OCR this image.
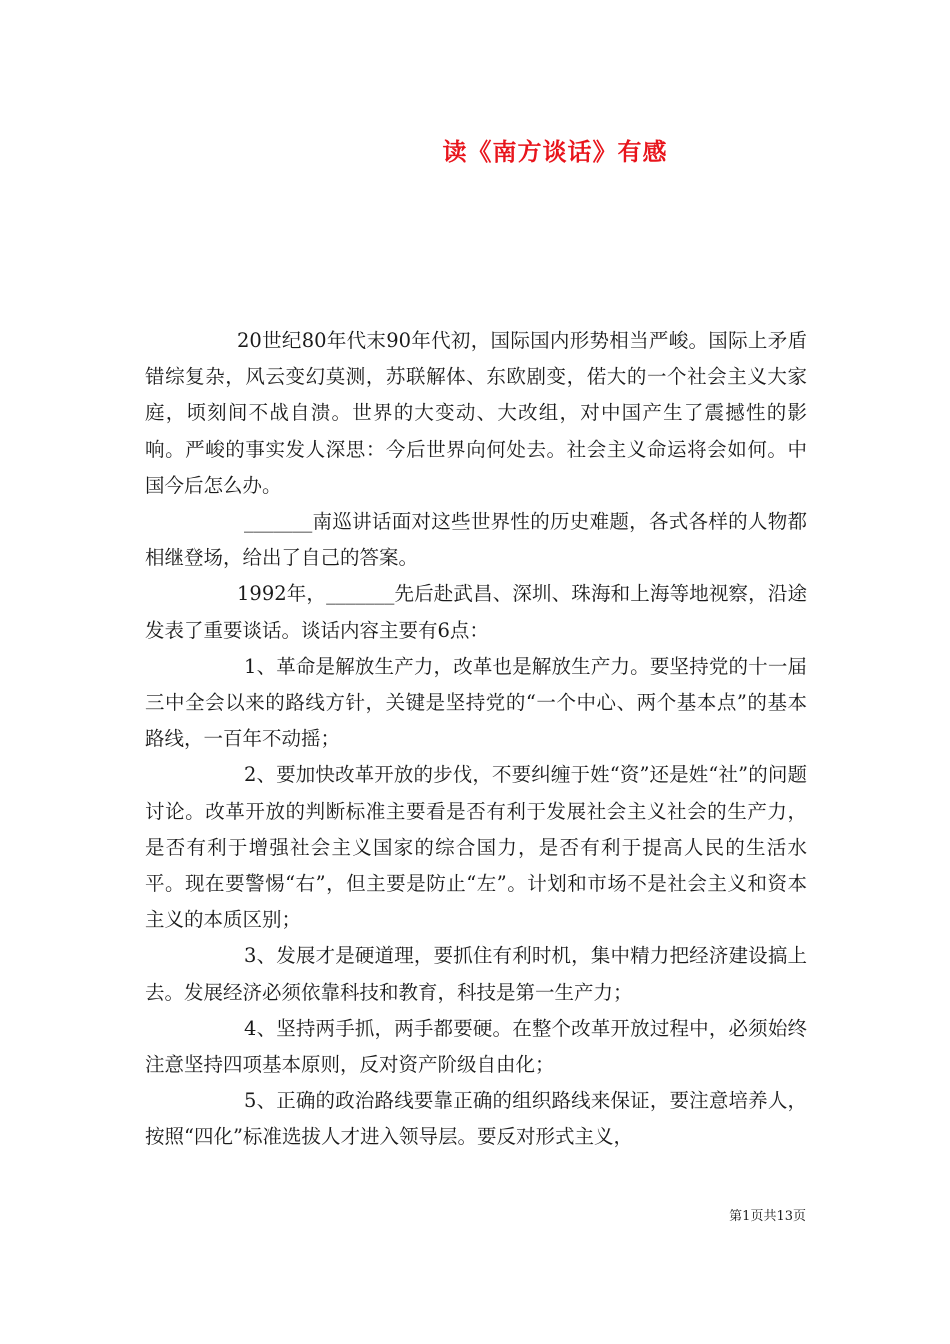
读《南方谈话》有感

20世纪80年代末90年代初，国际国内形势相当严峻。国际上矛盾错综复杂，风云变幻莫测，苏联解体、东欧剧变，偌大的一个社会主义大家庭，顷刻间不战自溃。世界的大变动、大改组，对中国产生了震撼性的影响。严峻的事实发人深思：今后世界向何处去。社会主义命运将会如何。中国今后怎么办。

_______南巡讲话面对这些世界性的历史难题，各式各样的人物都相继登场，给出了自己的答案。

1992年，_______先后赴武昌、深圳、珠海和上海等地视察，沿途发表了重要谈话。谈话内容主要有6点：

1、革命是解放生产力，改革也是解放生产力。要坚持党的十一届三中全会以来的路线方针，关键是坚持党的“一个中心、两个基本点”的基本路线，一百年不动摇；

2、要加快改革开放的步伐，不要纠缠于姓“资”还是姓“社”的问题讨论。改革开放的判断标准主要看是否有利于发展社会主义社会的生产力，是否有利于增强社会主义国家的综合国力，是否有利于提高人民的生活水平。现在要警惕“右”，但主要是防止“左”。计划和市场不是社会主义和资本主义的本质区别；

3、发展才是硬道理，要抓住有利时机，集中精力把经济建设搞上去。发展经济必须依靠科技和教育，科技是第一生产力；

4、坚持两手抓，两手都要硬。在整个改革开放过程中，必须始终注意坚持四项基本原则，反对资产阶级自由化；

5、正确的政治路线要靠正确的组织路线来保证，要注意培养人，按照“四化”标准选拔人才进入领导层。要反对形式主义，

第1页共13页
